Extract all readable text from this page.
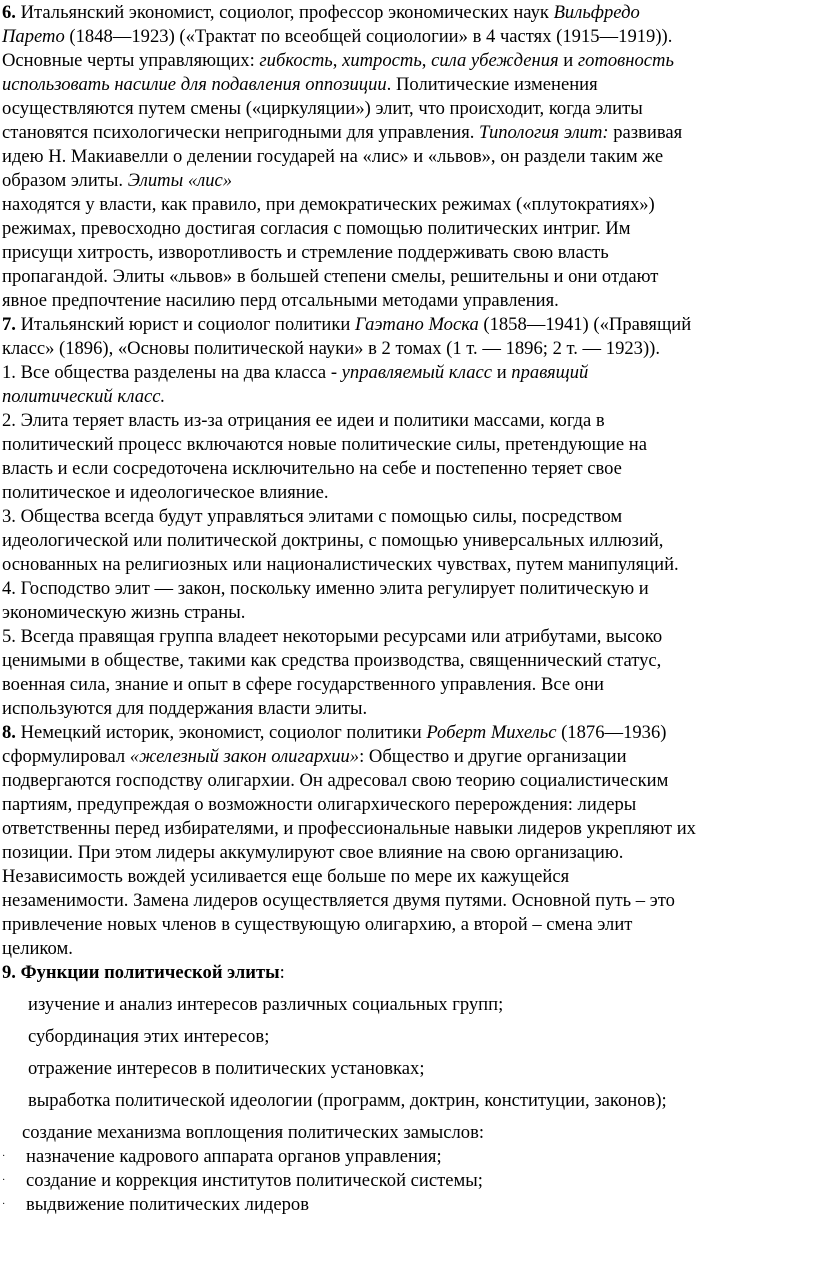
6. Итальянский экономист, социолог, профессор экономических наук Вильфредо
Парето (1848—1923) («Трактат по всеобщей социологии» в 4 частях (1915—1919)).
Основные черты управляющих: гибкость, хитрость, сила убеждения и готовность
использовать насилие для подавления оппозиции. Политические изменения
осуществляются путем смены («циркуляции») элит, что происходит, когда элиты
становятся психологически непригодными для управления. Типология элит: развивая
идею Н. Макиавелли о делении государей на «лис» и «львов», он раздели таким же
образом элиты. Элиты «лис»
находятся у власти, как правило, при демократических режимах («плутократиях»)
режимах, превосходно достигая согласия с помощью политических интриг. Им
присущи хитрость, изворотливость и стремление поддерживать свою власть
пропагандой. Элиты «львов» в большей степени смелы, решительны и они отдают
явное предпочтение насилию перд отсальными методами управления.
7. Итальянский юрист и социолог политики Гаэтано Моска (1858—1941) («Правящий
класс» (1896), «Основы политической науки» в 2 томах (1 т. — 1896; 2 т. — 1923)).
1. Все общества разделены на два класса - управляемый класс и правящий
политический класс.
2. Элита теряет власть из-за отрицания ее идеи и политики массами, когда в
политический процесс включаются новые политические силы, претендующие на
власть и если сосредоточена исключительно на себе и постепенно теряет свое
политическое и идеологическое влияние.
3. Общества всегда будут управляться элитами с помощью силы, посредством
идеологической или политической доктрины, с помощью универсальных иллюзий,
основанных на религиозных или националистических чувствах, путем манипуляций.
4. Господство элит — закон, поскольку именно элита регулирует политическую и
экономическую жизнь страны.
5. Всегда правящая группа владеет некоторыми ресурсами или атрибутами, высоко
ценимыми в обществе, такими как средства производства, священнический статус,
военная сила, знание и опыт в сфере государственного управления. Все они
используются для поддержания власти элиты.
8. Немецкий историк, экономист, социолог политики Роберт Михельс (1876—1936)
сформулировал «железный закон олигархии»: Общество и другие организации
подвергаются господству олигархии. Он адресовал свою теорию социалистическим
партиям, предупреждая о возможности олигархического перерождения: лидеры
ответственны перед избирателями, и профессиональные навыки лидеров укрепляют их
позиции. При этом лидеры аккумулируют свое влияние на свою организацию.
Независимость вождей усиливается еще больше по мере их кажущейся
незаменимости. Замена лидеров осуществляется двумя путями. Основной путь – это
привлечение новых членов в существующую олигархию, а второй – смена элит
целиком.
9. Функции политической элиты:
изучение и анализ интересов различных социальных групп;
субординация этих интересов;
отражение интересов в политических установках;
выработка политической идеологии (программ, доктрин, конституции, законов);
создание механизма воплощения политических замыслов:
· назначение кадрового аппарата органов управления;
· создание и коррекция институтов политической системы;
· выдвижение политических лидеров
